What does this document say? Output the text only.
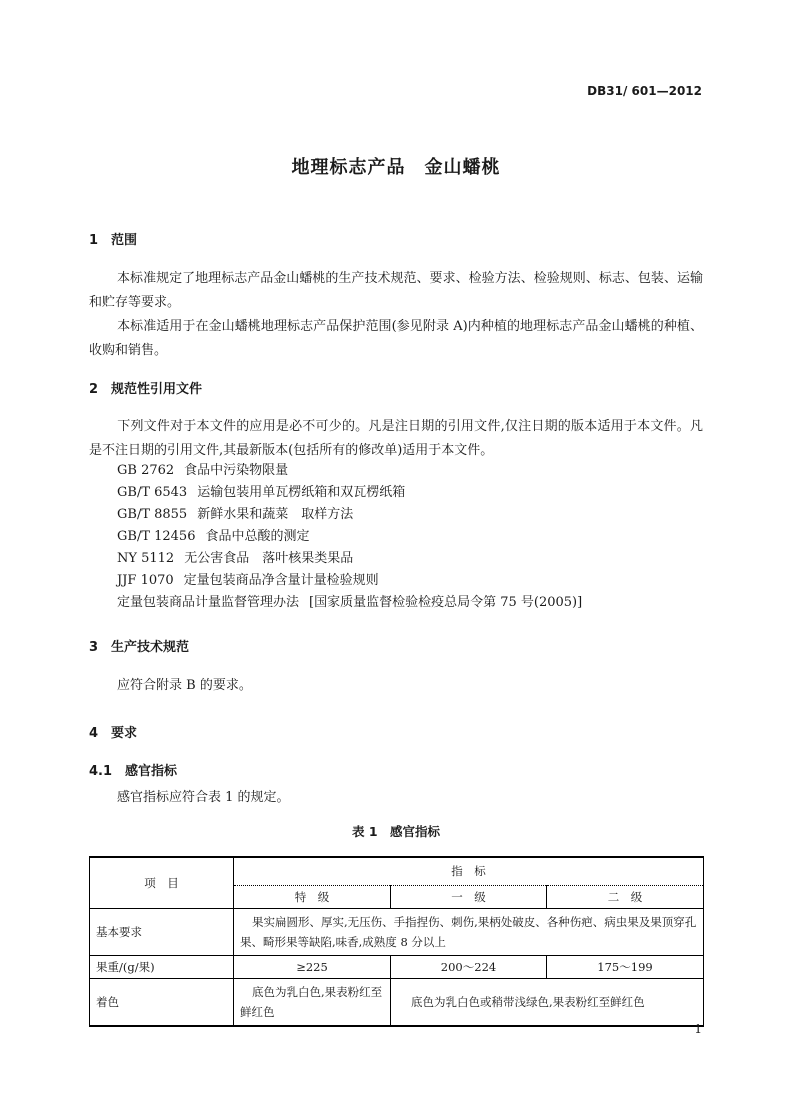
DB31/ 601—2012
地理标志产品　金山蟠桃
1 范围
本标准规定了地理标志产品金山蟠桃的生产技术规范、要求、检验方法、检验规则、标志、包装、运输和贮存等要求。
本标准适用于在金山蟠桃地理标志产品保护范围(参见附录 A)内种植的地理标志产品金山蟠桃的种植、收购和销售。
2 规范性引用文件
下列文件对于本文件的应用是必不可少的。凡是注日期的引用文件,仅注日期的版本适用于本文件。凡是不注日期的引用文件,其最新版本(包括所有的修改单)适用于本文件。
GB 2762 食品中污染物限量
GB/T 6543 运输包装用单瓦楞纸箱和双瓦楞纸箱
GB/T 8855 新鲜水果和蔬菜　取样方法
GB/T 12456 食品中总酸的测定
NY 5112 无公害食品　落叶核果类果品
JJF 1070 定量包装商品净含量计量检验规则
定量包装商品计量监督管理办法 [国家质量监督检验检疫总局令第 75 号(2005)]
3 生产技术规范
应符合附录 B 的要求。
4 要求
4.1 感官指标
感官指标应符合表 1 的规定。
表 1　感官指标
项　目	指　标		
	特　级	一　级	二　级
基本要求	果实扁圆形、厚实,无压伤、手指捏伤、刺伤,果柄处破皮、各种伤疤、病虫果及果顶穿孔果、畸形果等缺陷,味香,成熟度 8 分以上		
果重/(g/果)	≥225	200～224	175～199
着色	底色为乳白色,果表粉红至鲜红色	底色为乳白色或稍带浅绿色,果表粉红至鲜红色	
1
